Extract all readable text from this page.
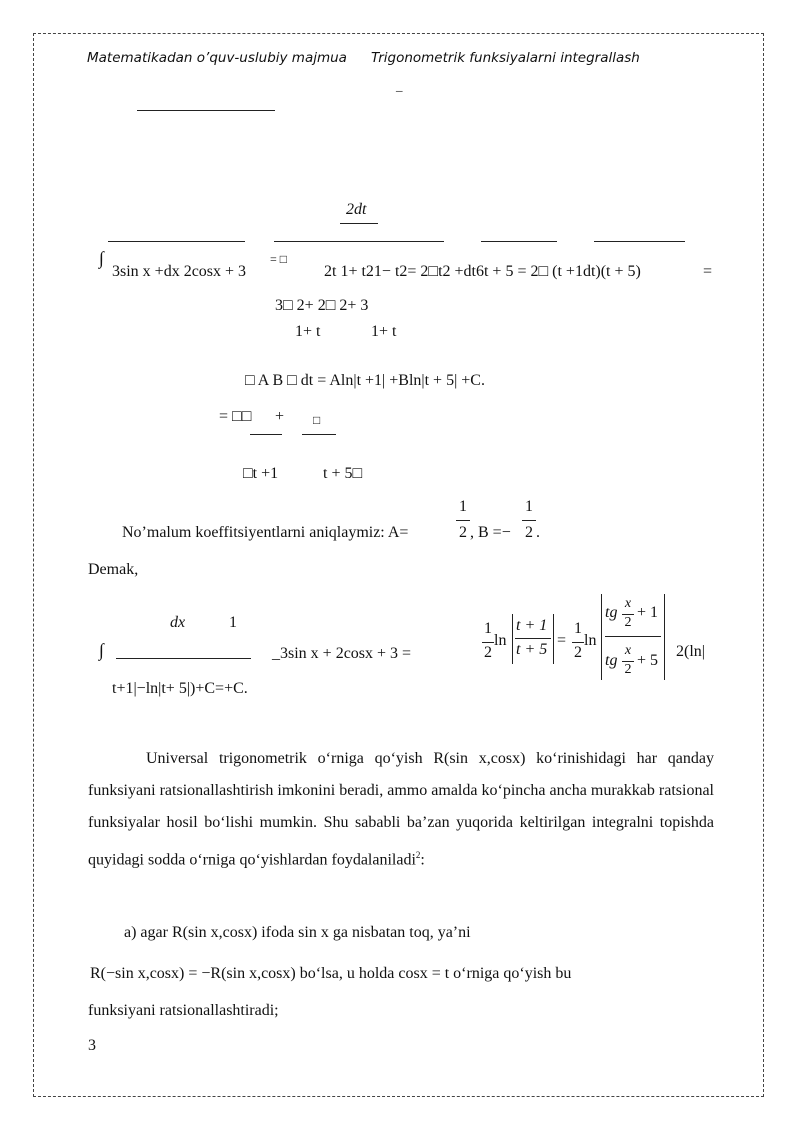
Matematikadan o’quv-uslubiy majmua Trigonometrik funksiyalarni integrallash
_
2dt
∫	= □
3sin x +dx 2cosx + 3	2t 1+ t21− t2= 2□t2 +dt6t + 5 = 2□ (t +1dt)(t + 5)	=
3□ 2+ 2□ 2+ 3
1+ t	1+ t
□ A B □ dt = Aln|t +1| +Bln|t + 5| +C.
= □□ + □
□t +1	t + 5□
No’malum koeffitsiyentlarni aniqlaymiz: A=
1
2 , B =−
1
2 .
Demak,
dx	1
∫	_3sin x + 2cosx + 3 =
1
2
ln
t + 1
t + 5
=
1
2
ln
tg
x
2
+ 1
tg
x
2
+ 5
2(ln|
t+1|−ln|t+ 5|)+C=+C.

Universal trigonometrik o‘rniga qo‘yish R(sin x,cosx) ko‘rinishidagi har qanday funksiyani ratsionallashtirish imkonini beradi, ammo amalda ko‘pincha ancha murakkab ratsional funksiyalar hosil bo‘lishi mumkin. Shu sababli ba’zan yuqorida keltirilgan integralni topishda quyidagi sodda o‘rniga qo‘yishlardan foydalaniladi$^2$:

a) agar R(sin x,cosx) ifoda sin x ga nisbatan toq, ya’ni
R(−sin x,cosx) = −R(sin x,cosx) bo‘lsa, u holda cosx = t o‘rniga qo‘yish bu
funksiyani ratsionallashtiradi;
3
